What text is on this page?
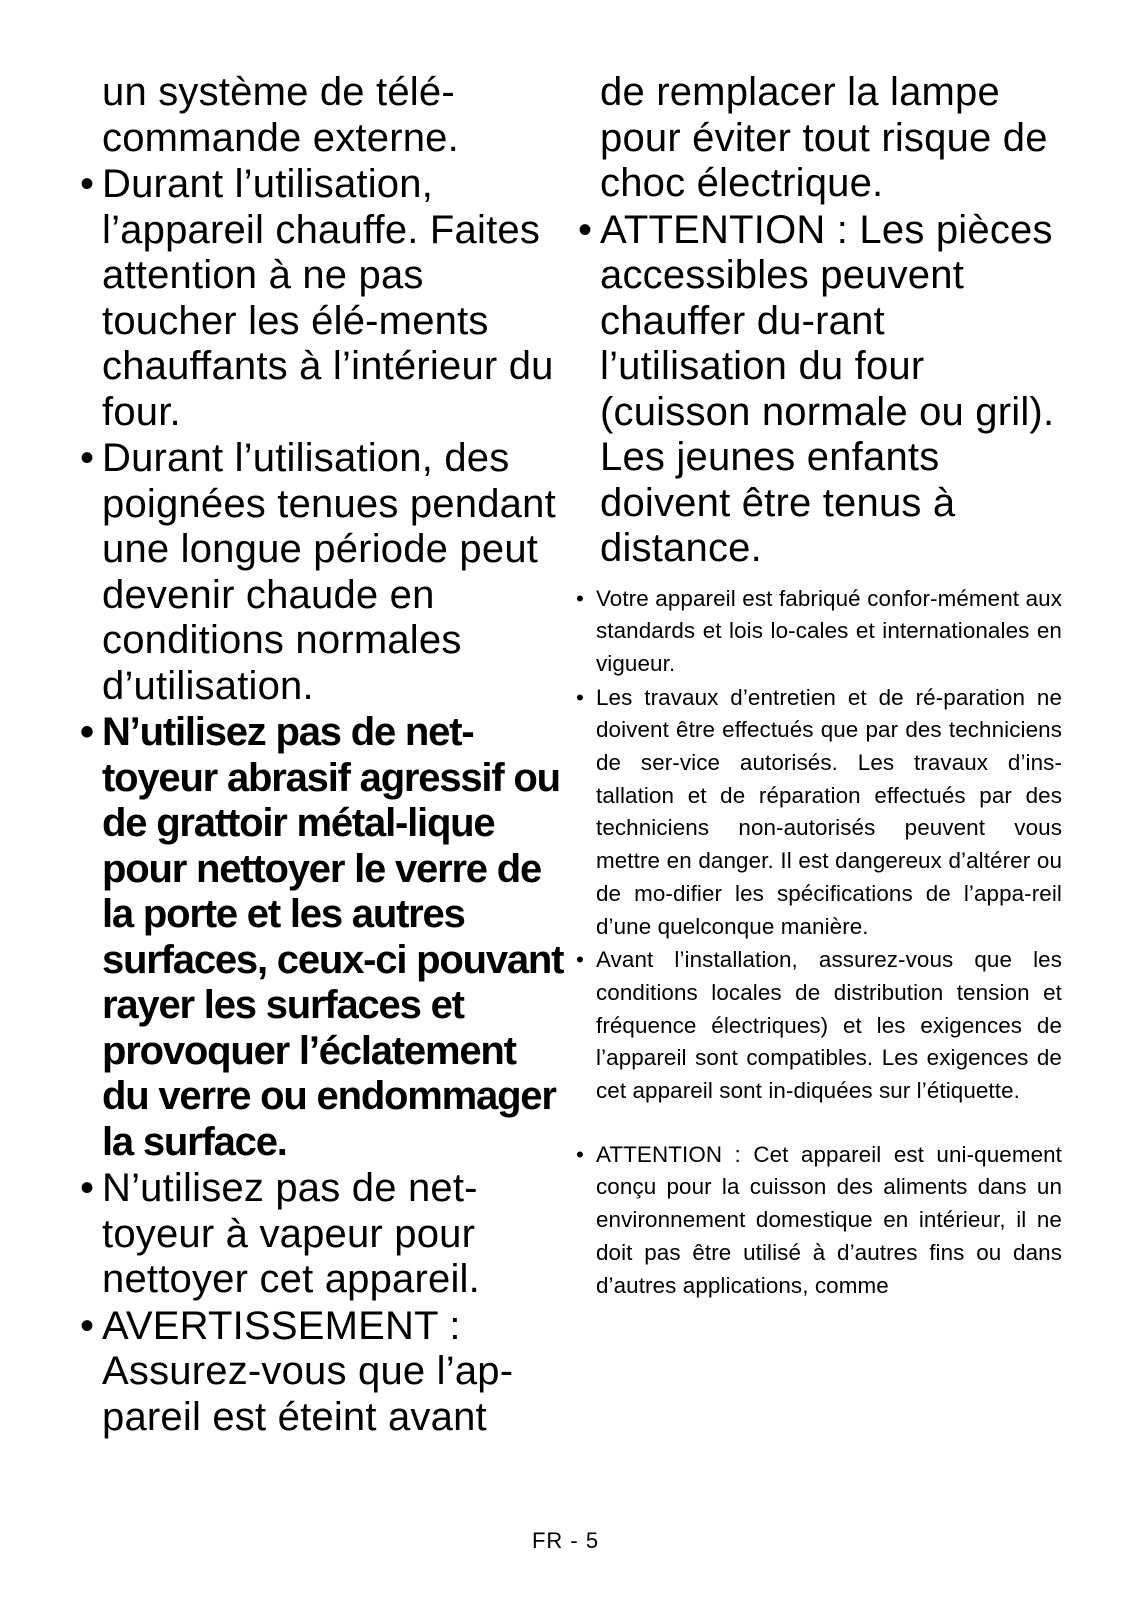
un système de télé-commande externe.
• Durant l’utilisation, l’appareil chauffe. Faites attention à ne pas toucher les élé-ments chauffants à l’intérieur du four.
• Durant l’utilisation, des poignées tenues pendant une longue période peut devenir chaude en conditions normales d’utilisation.
• N’utilisez pas de net-toyeur abrasif agressif ou de grattoir métal-lique pour nettoyer le verre de la porte et les autres surfaces, ceux-ci pouvant rayer les surfaces et provoquer l’éclatement du verre ou endommager la surface.
• N’utilisez pas de net-toyeur à vapeur pour nettoyer cet appareil.
• AVERTISSEMENT : Assurez-vous que l’ap-pareil est éteint avant
de remplacer la lampe pour éviter tout risque de choc électrique.
• ATTENTION : Les pièces accessibles peuvent chauffer du-rant l’utilisation du four (cuisson normale ou gril). Les jeunes enfants doivent être tenus à distance.
• Votre appareil est fabriqué confor-mément aux standards et lois lo-cales et internationales en vigueur.
• Les travaux d’entretien et de ré-paration ne doivent être effectués que par des techniciens de ser-vice autorisés. Les travaux d’ins-tallation et de réparation effectués par des techniciens non-autorisés peuvent vous mettre en danger. Il est dangereux d’altérer ou de mo-difier les spécifications de l’appa-reil d’une quelconque manière.
• Avant l’installation, assurez-vous que les conditions locales de distribution tension et fréquence électriques) et les exigences de l’appareil sont compatibles. Les exigences de cet appareil sont in-diquées sur l’étiquette.
• ATTENTION : Cet appareil est uni-quement conçu pour la cuisson des aliments dans un environnement domestique en intérieur, il ne doit pas être utilisé à d’autres fins ou dans d’autres applications, comme
FR - 5
